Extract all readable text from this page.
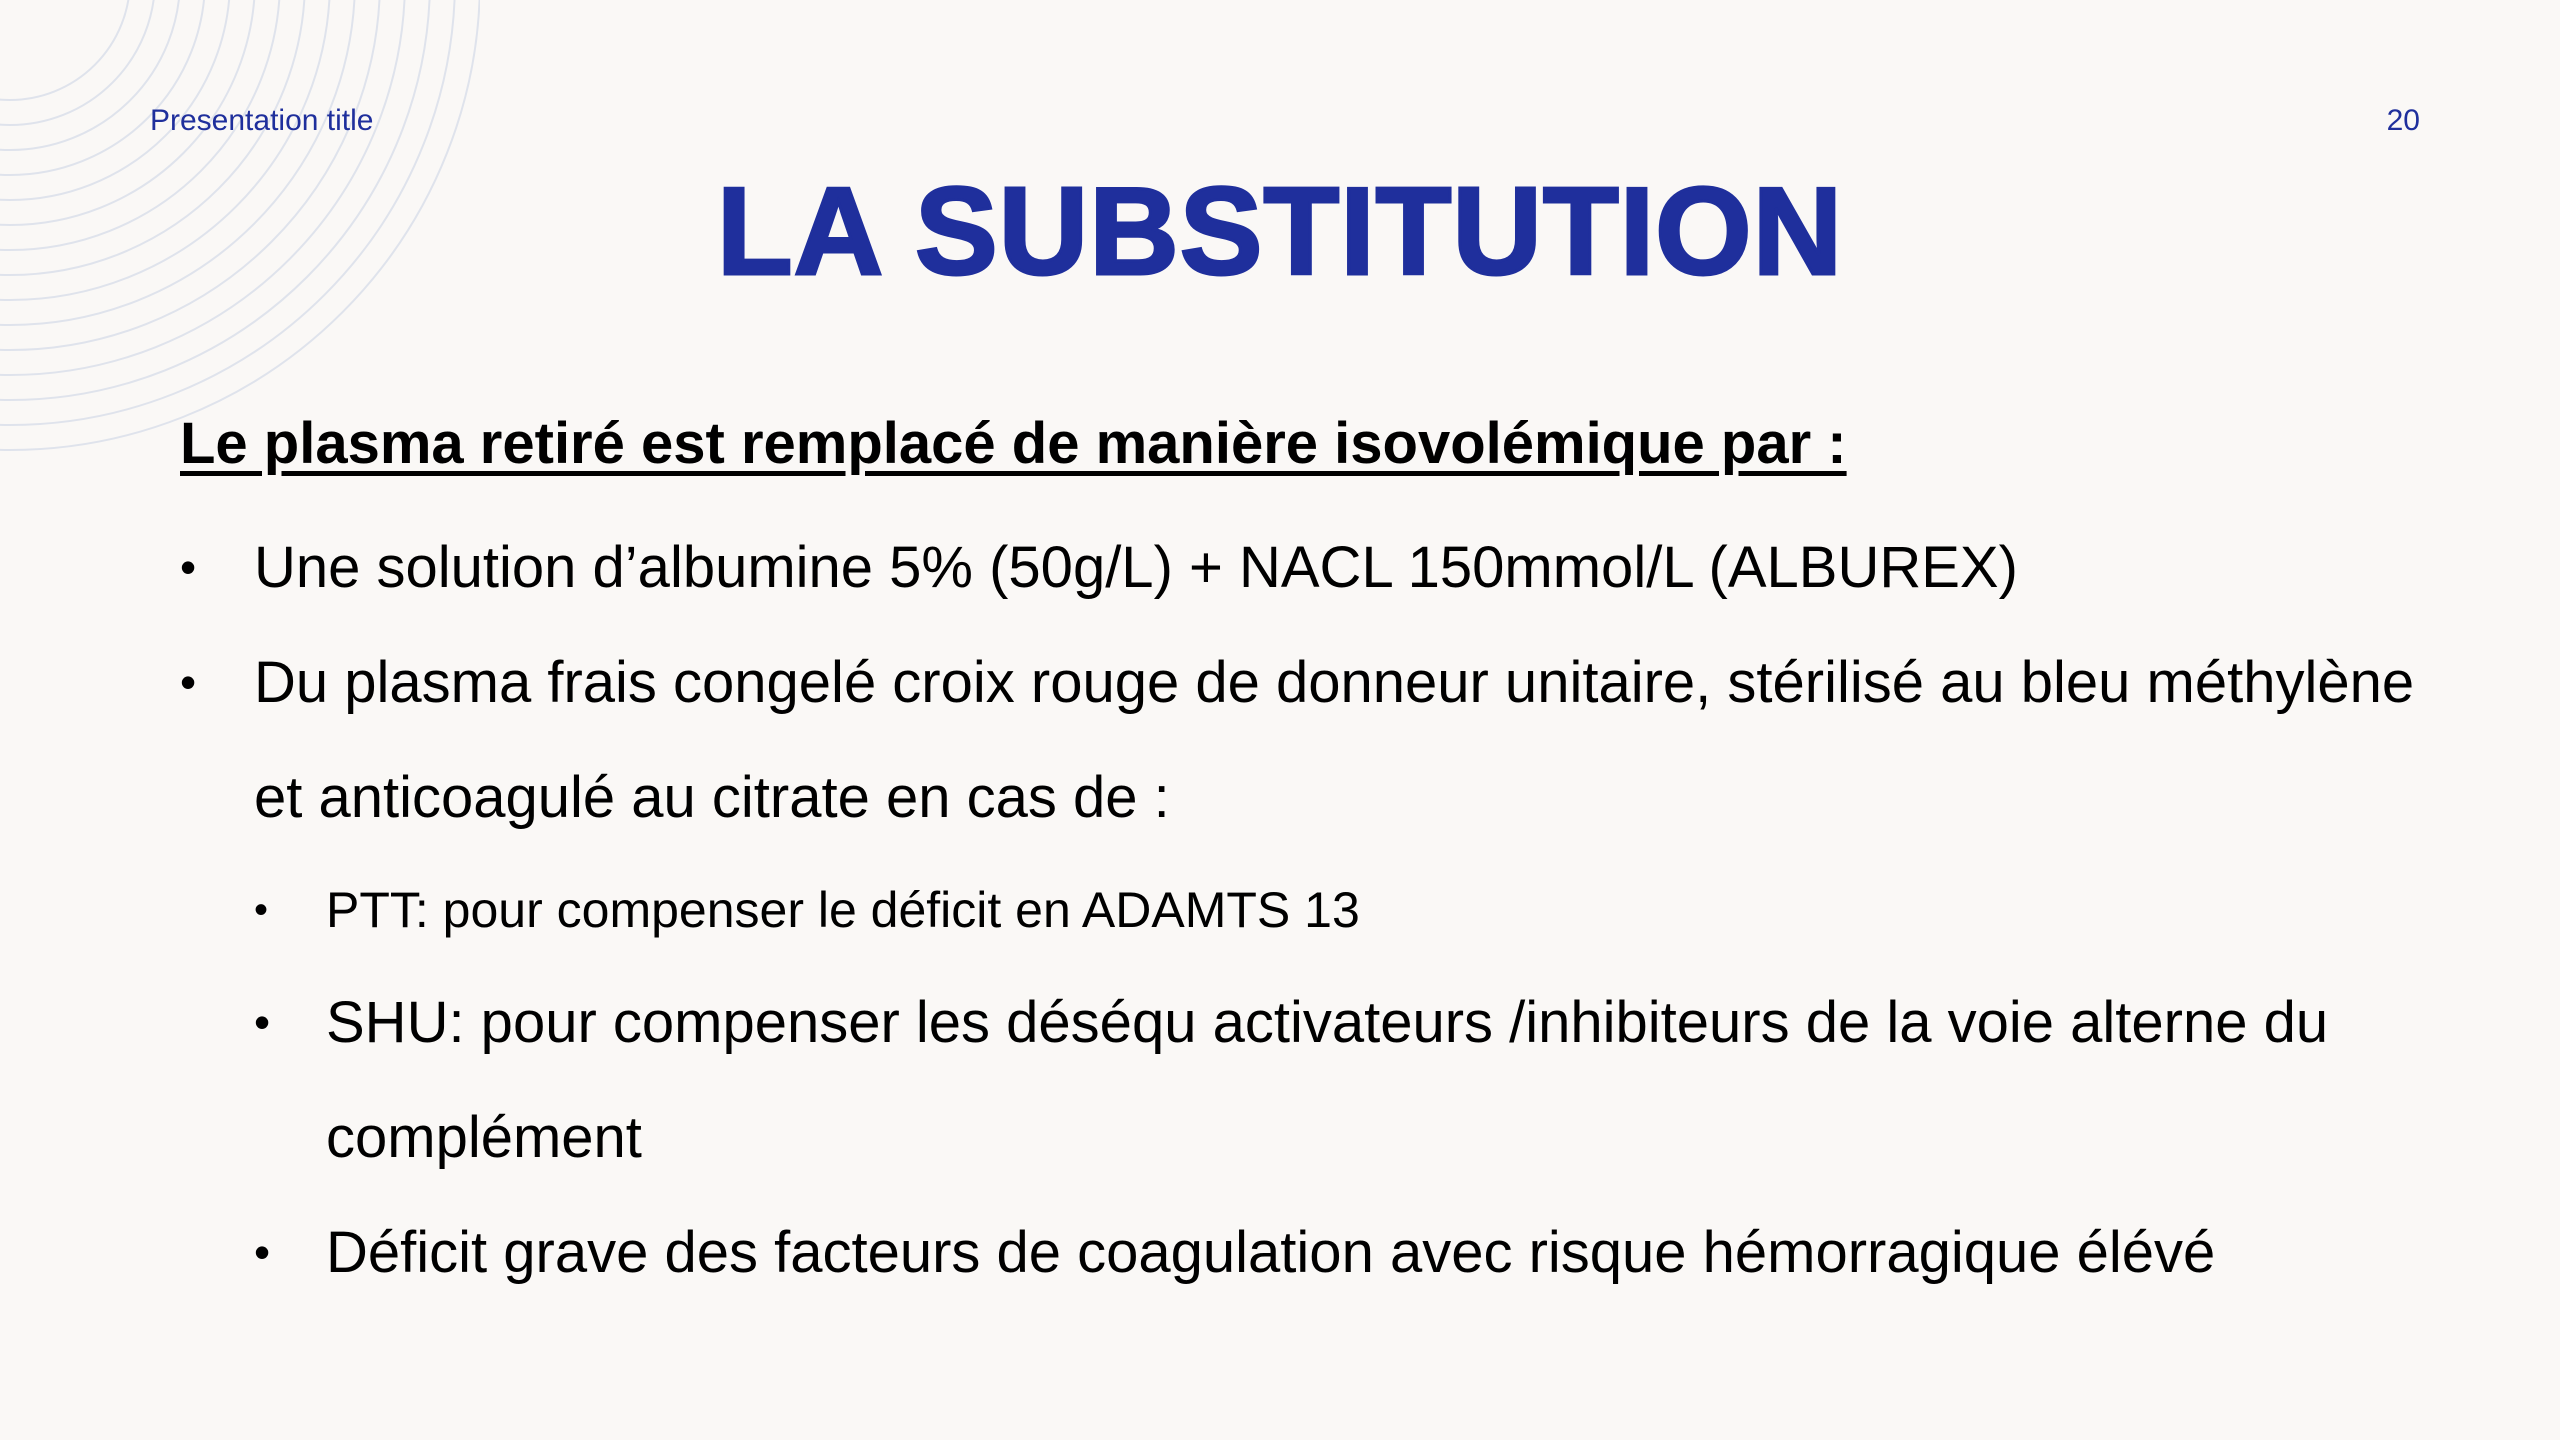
Presentation title	20
LA SUBSTITUTION
Le plasma retiré est remplacé de manière isovolémique par :
• Une solution d’albumine 5% (50g/L) + NACL 150mmol/L (ALBUREX)
• Du plasma frais congelé croix rouge de donneur unitaire, stérilisé au bleu méthylène et anticoagulé au citrate en cas de :
• PTT: pour compenser le déficit en ADAMTS 13
• SHU: pour compenser les déséqu activateurs /inhibiteurs de la voie alterne du complément
• Déficit grave des facteurs de coagulation avec risque hémorragique élévé
